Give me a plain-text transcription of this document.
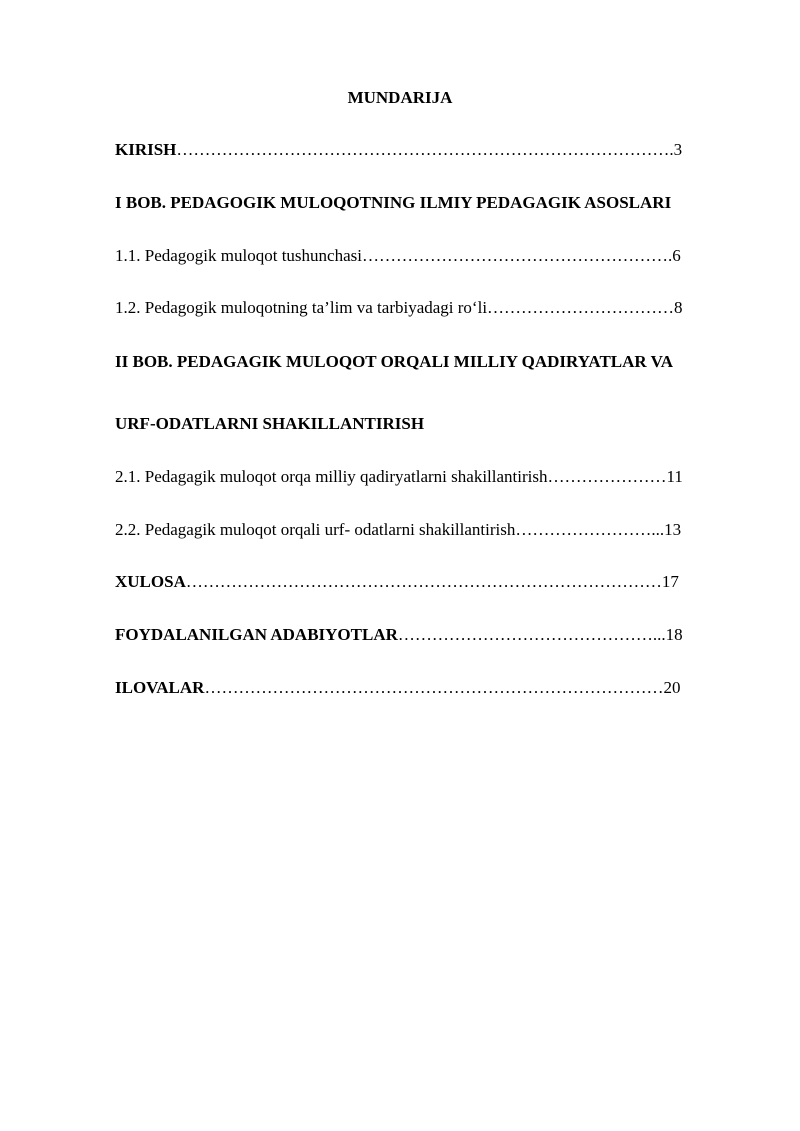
MUNDARIJA
KIRISH…………………………………………………………………………….3
I BOB. PEDAGOGIK MULOQOTNING ILMIY PEDAGAGIK ASOSLARI
1.1. Pedagogik muloqot tushunchasi……………………………………………….6
1.2. Pedagogik muloqotning ta’lim va tarbiyadagi ro‘li……………………………8
II BOB. PEDAGAGIK MULOQOT ORQALI MILLIY QADIRYATLAR VA
URF-ODATLARNI SHAKILLANTIRISH
2.1. Pedagagik muloqot orqa milliy qadiryatlarni shakillantirish…………………11
2.2. Pedagagik muloqot orqali urf- odatlarni shakillantirish……………………...13
XULOSA…………………………………………………………………………17
FOYDALANILGAN ADABIYOTLAR………………………………………...18
ILOVALAR………………………………………………………………………20
